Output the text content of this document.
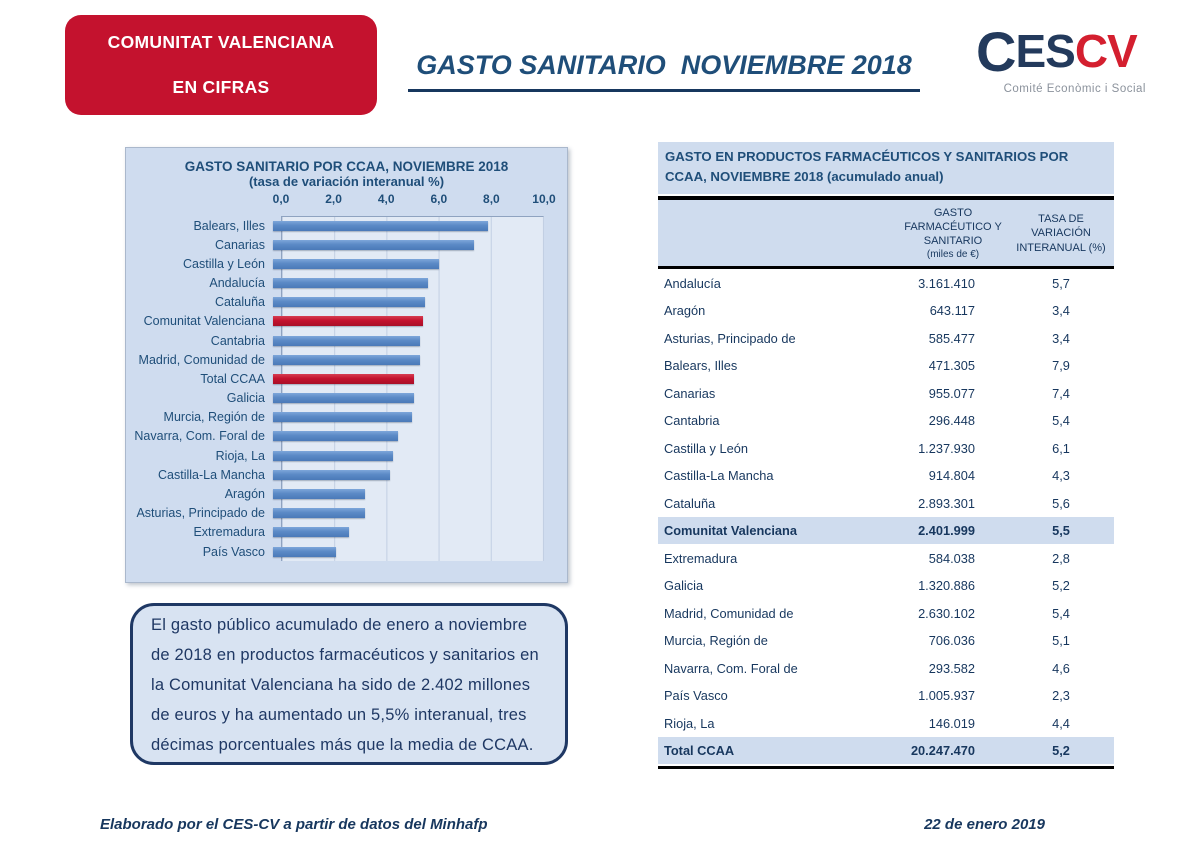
COMUNITAT VALENCIANA
EN CIFRAS
GASTO SANITARIO  NOVIEMBRE 2018 CESCV
Comité Econòmic i Social
GASTO SANITARIO POR CCAA, NOVIEMBRE 2018
(tasa de variación interanual %)
0,0	2,0	4,0	6,0	8,0	10,0
Balears, Illes
Canarias
Castilla y León
Andalucía
Cataluña
Comunitat Valenciana
Cantabria
Madrid, Comunidad de
Total CCAA
Galicia
Murcia, Región de
Navarra, Com. Foral de
Rioja, La
Castilla-La Mancha
Aragón
Asturias, Principado de
Extremadura
País Vasco
El gasto público acumulado de enero a noviembre de 2018 en productos farmacéuticos y sanitarios en la Comunitat Valenciana ha sido de 2.402 millones de euros y ha aumentado un 5,5% interanual, tres décimas porcentuales más que la media de CCAA.
GASTO EN PRODUCTOS FARMACÉUTICOS Y SANITARIOS POR CCAA, NOVIEMBRE 2018 (acumulado anual)
GASTO FARMACÉUTICO Y SANITARIO
(miles de €)
TASA DE VARIACIÓN INTERANUAL (%)
Andalucía	3.161.410	5,7
Aragón	643.117	3,4
Asturias, Principado de	585.477	3,4
Balears, Illes	471.305	7,9
Canarias	955.077	7,4
Cantabria	296.448	5,4
Castilla y León	1.237.930	6,1
Castilla-La Mancha	914.804	4,3
Cataluña	2.893.301	5,6
Comunitat Valenciana	2.401.999	5,5
Extremadura	584.038	2,8
Galicia	1.320.886	5,2
Madrid, Comunidad de	2.630.102	5,4
Murcia, Región de	706.036	5,1
Navarra, Com. Foral de	293.582	4,6
País Vasco	1.005.937	2,3
Rioja, La	146.019	4,4
Total CCAA	20.247.470	5,2
Elaborado por el CES-CV a partir de datos del Minhafp	22 de enero 2019
